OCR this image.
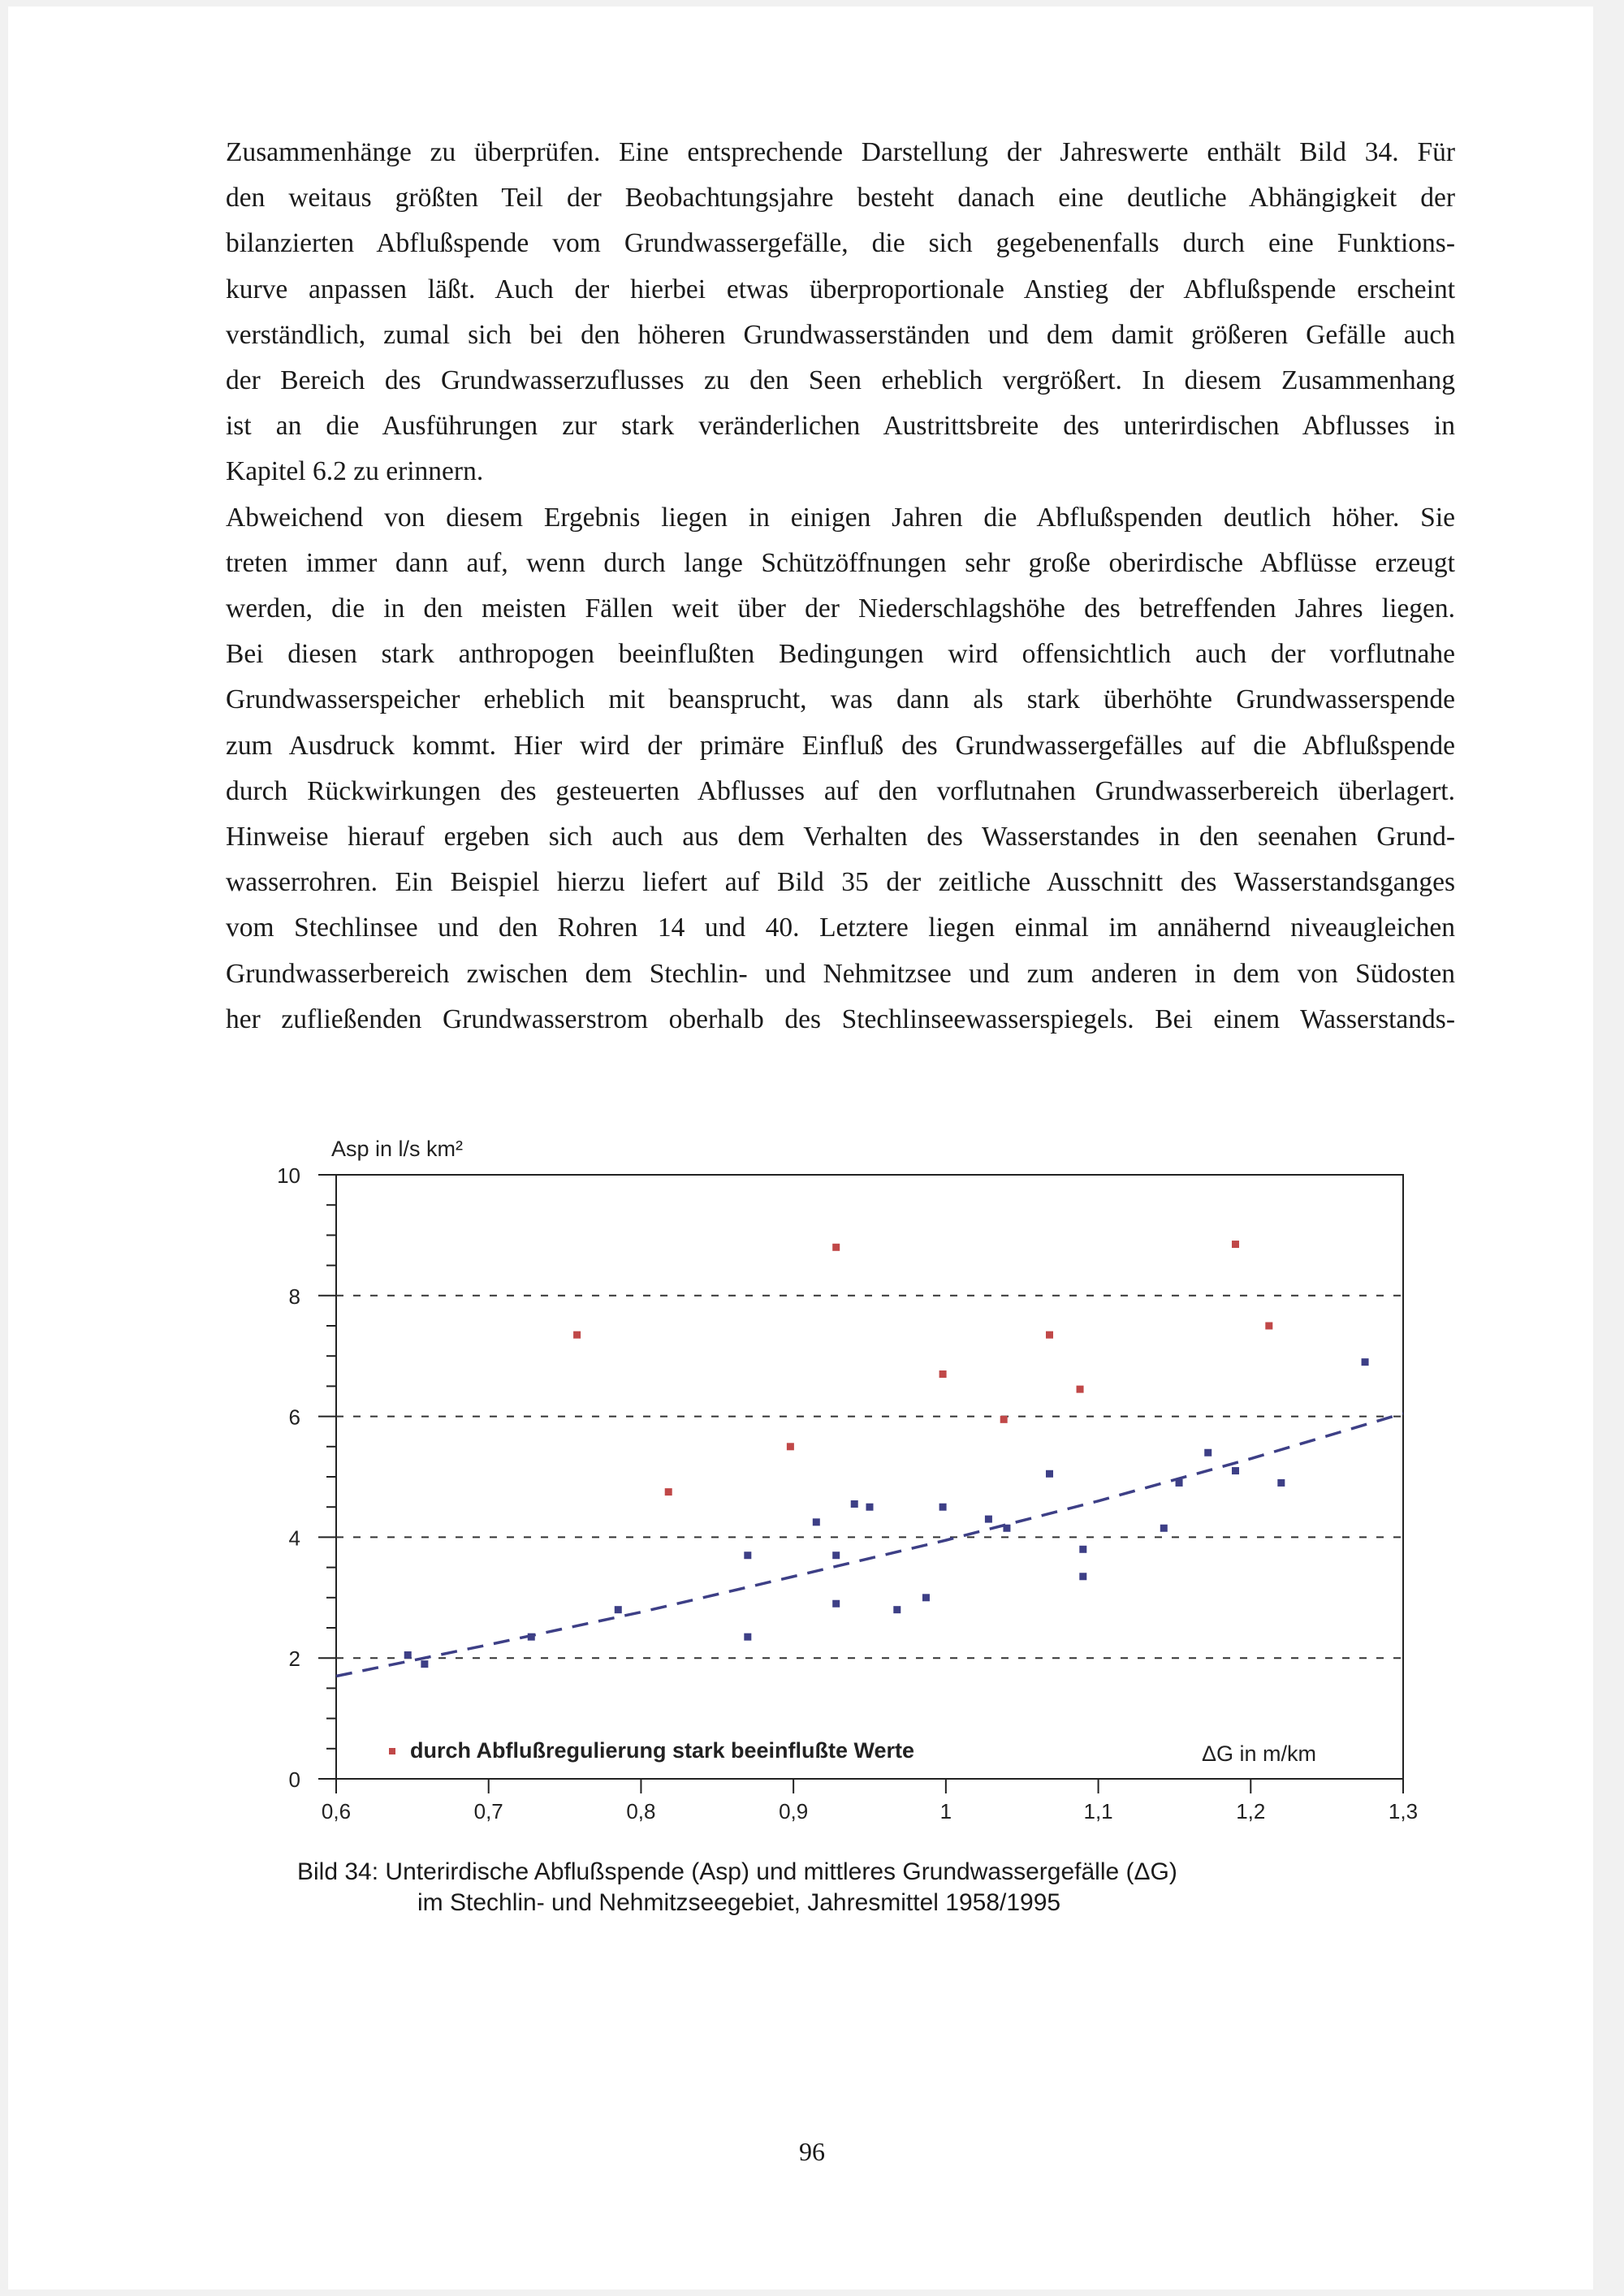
Zusammenhänge zu überprüfen. Eine entsprechende Darstellung der Jahreswerte enthält Bild 34. Für
den weitaus größten Teil der Beobachtungsjahre besteht danach eine deutliche Abhängigkeit der
bilanzierten Abflußspende vom Grundwassergefälle, die sich gegebenenfalls durch eine Funktions-
kurve anpassen läßt. Auch der hierbei etwas überproportionale Anstieg der Abflußspende erscheint
verständlich, zumal sich bei den höheren Grundwasserständen und dem damit größeren Gefälle auch
der Bereich des Grundwasserzuflusses zu den Seen erheblich vergrößert. In diesem Zusammenhang
ist an die Ausführungen zur stark veränderlichen Austrittsbreite des unterirdischen Abflusses in
Kapitel 6.2 zu erinnern.
Abweichend von diesem Ergebnis liegen in einigen Jahren die Abflußspenden deutlich höher. Sie
treten immer dann auf, wenn durch lange Schützöffnungen sehr große oberirdische Abflüsse erzeugt
werden, die in den meisten Fällen weit über der Niederschlagshöhe des betreffenden Jahres liegen.
Bei diesen stark anthropogen beeinflußten Bedingungen wird offensichtlich auch der vorflutnahe
Grundwasserspeicher erheblich mit beansprucht, was dann als stark überhöhte Grundwasserspende
zum Ausdruck kommt. Hier wird der primäre Einfluß des Grundwassergefälles auf die Abflußspende
durch Rückwirkungen des gesteuerten Abflusses auf den vorflutnahen Grundwasserbereich überlagert.
Hinweise hierauf ergeben sich auch aus dem Verhalten des Wasserstandes in den seenahen Grund-
wasserrohren. Ein Beispiel hierzu liefert auf Bild 35 der zeitliche Ausschnitt des Wasserstandsganges
vom Stechlinsee und den Rohren 14 und 40. Letztere liegen einmal im annähernd niveaugleichen
Grundwasserbereich zwischen dem Stechlin- und Nehmitzsee und zum anderen in dem von Südosten
her zufließenden Grundwasserstrom oberhalb des Stechlinseewasserspiegels. Bei einem Wasserstands-
0
2
4
6
8
10
0,6	0,7	0,8	0,9	1	1,1	1,2	1,3
Asp in l/s km²
ΔG in m/km
durch Abflußregulierung stark beeinflußte Werte
Bild 34: Unterirdische Abflußspende (Asp) und mittleres Grundwassergefälle (ΔG)
im Stechlin- und Nehmitzseegebiet, Jahresmittel 1958/1995
96
